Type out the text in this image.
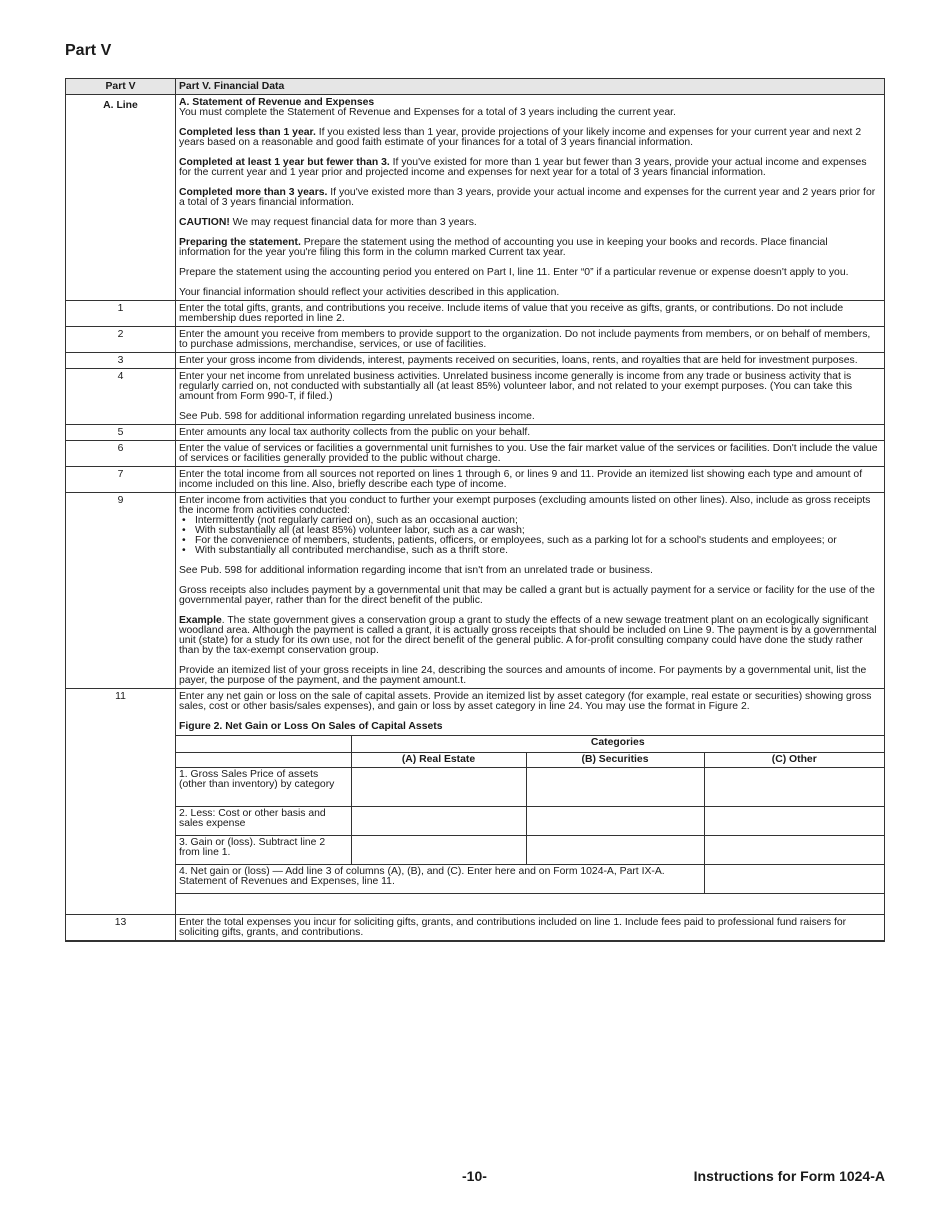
Part V
Part V	Part V. Financial Data
A. Line	A. Statement of Revenue and Expenses
You must complete the Statement of Revenue and Expenses for a total of 3 years including the current year.

Completed less than 1 year. If you existed less than 1 year, provide projections of your likely income and expenses for your current year and next 2 years based on a reasonable and good faith estimate of your finances for a total of 3 years financial information.

Completed at least 1 year but fewer than 3. If you've existed for more than 1 year but fewer than 3 years, provide your actual income and expenses for the current year and 1 year prior and projected income and expenses for next year for a total of 3 years financial information.

Completed more than 3 years. If you've existed more than 3 years, provide your actual income and expenses for the current year and 2 years prior for a total of 3 years financial information.

CAUTION! We may request financial data for more than 3 years.

Preparing the statement. Prepare the statement using the method of accounting you use in keeping your books and records. Place financial information for the year you're filing this form in the column marked Current tax year.

Prepare the statement using the accounting period you entered on Part I, line 11. Enter “0” if a particular revenue or expense doesn't apply to you.

Your financial information should reflect your activities described in this application.

1	Enter the total gifts, grants, and contributions you receive. Include items of value that you receive as gifts, grants, or contributions. Do not include membership dues reported in line 2.
2	Enter the amount you receive from members to provide support to the organization. Do not include payments from members, or on behalf of members, to purchase admissions, merchandise, services, or use of facilities.
3	Enter your gross income from dividends, interest, payments received on securities, loans, rents, and royalties that are held for investment purposes.
4	Enter your net income from unrelated business activities. Unrelated business income generally is income from any trade or business activity that is regularly carried on, not conducted with substantially all (at least 85%) volunteer labor, and not related to your exempt purposes. (You can take this amount from Form 990-T, if filed.)

See Pub. 598 for additional information regarding unrelated business income.

5	Enter amounts any local tax authority collects from the public on your behalf.
6	Enter the value of services or facilities a governmental unit furnishes to you. Use the fair market value of the services or facilities. Don't include the value of services or facilities generally provided to the public without charge.
7	Enter the total income from all sources not reported on lines 1 through 6, or lines 9 and 11. Provide an itemized list showing each type and amount of income included on this line. Also, briefly describe each type of income.
9	Enter income from activities that you conduct to further your exempt purposes (excluding amounts listed on other lines). Also, include as gross receipts the income from activities conducted:
• Intermittently (not regularly carried on), such as an occasional auction;
• With substantially all (at least 85%) volunteer labor, such as a car wash;
• For the convenience of members, students, patients, officers, or employees, such as a parking lot for a school's students and employees; or
• With substantially all contributed merchandise, such as a thrift store.

See Pub. 598 for additional information regarding income that isn't from an unrelated trade or business.

Gross receipts also includes payment by a governmental unit that may be called a grant but is actually payment for a service or facility for the use of the governmental payer, rather than for the direct benefit of the public.

Example. The state government gives a conservation group a grant to study the effects of a new sewage treatment plant on an ecologically significant woodland area. Although the payment is called a grant, it is actually gross receipts that should be included on Line 9. The payment is by a governmental unit (state) for a study for its own use, not for the direct benefit of the general public. A for-profit consulting company could have done the study rather than by the tax-exempt conservation group.

Provide an itemized list of your gross receipts in line 24, describing the sources and amounts of income. For payments by a governmental unit, list the payer, the purpose of the payment, and the payment amount.t.

11	Enter any net gain or loss on the sale of capital assets. Provide an itemized list by asset category (for example, real estate or securities) showing gross sales, cost or other basis/sales expenses), and gain or loss by asset category in line 24. You may use the format in Figure 2.

Figure 2. Net Gain or Loss On Sales of Capital Assets
	Categories
	(A) Real Estate	(B) Securities	(C) Other
1. Gross Sales Price of assets (other than inventory) by category			
2. Less: Cost or other basis and sales expense			
3. Gain or (loss). Subtract line 2 from line 1.			
4. Net gain or (loss) — Add line 3 of columns (A), (B), and (C). Enter here and on Form 1024-A, Part IX-A. Statement of Revenues and Expenses, line 11.	

13	Enter the total expenses you incur for soliciting gifts, grants, and contributions included on line 1. Include fees paid to professional fund raisers for soliciting gifts, grants, and contributions.
-10-	Instructions for Form 1024-A
